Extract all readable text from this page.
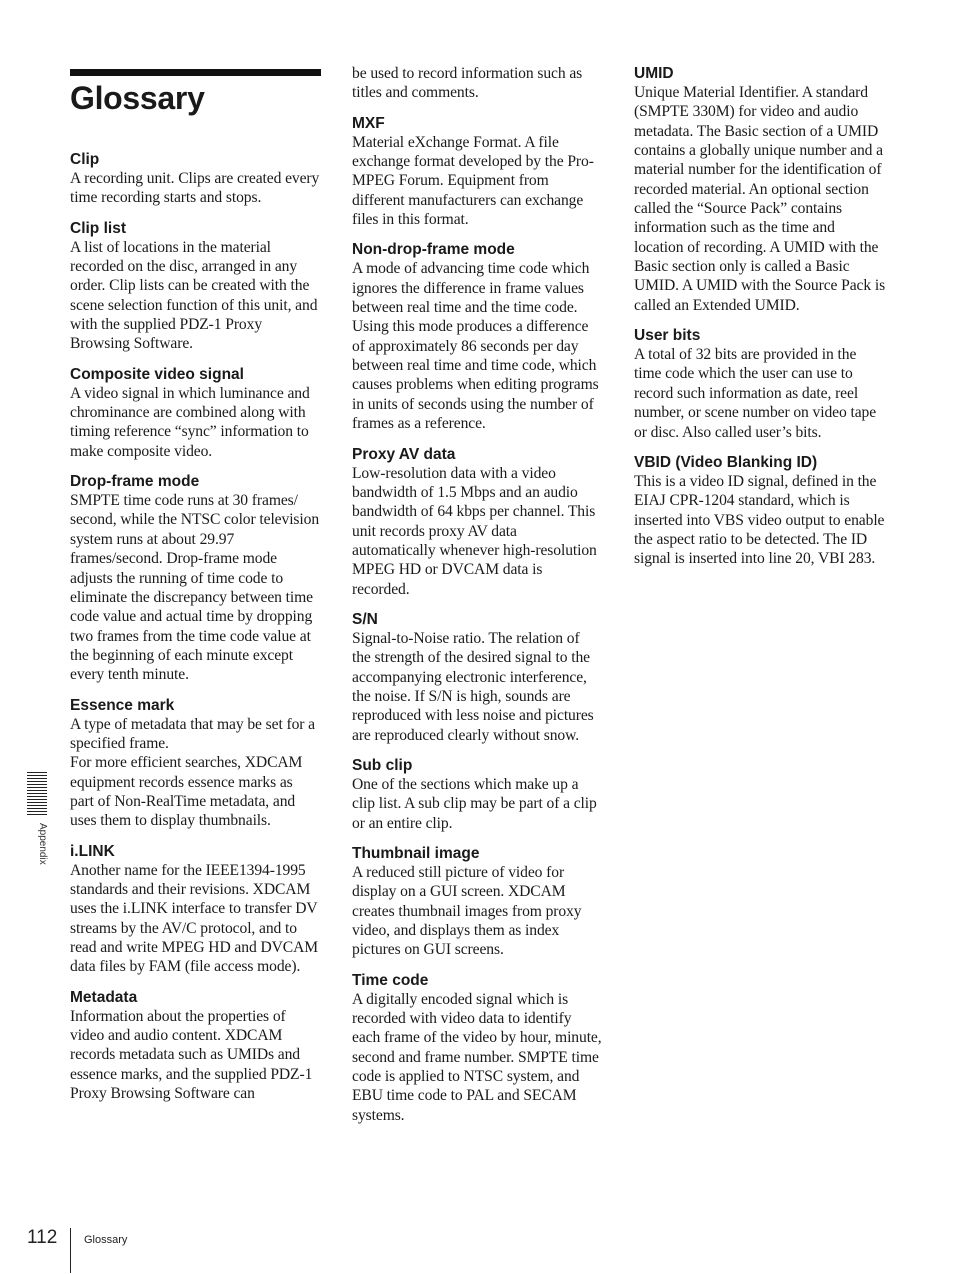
Glossary
Clip

A recording unit. Clips are created every time recording starts and stops.

Clip list

A list of locations in the material recorded on the disc, arranged in any order. Clip lists can be created with the scene selection function of this unit, and with the supplied PDZ-1 Proxy Browsing Software.

Composite video signal

A video signal in which luminance and chrominance are combined along with timing reference “sync” information to make composite video.

Drop-frame mode

SMPTE time code runs at 30 frames/ second, while the NTSC color television system runs at about 29.97 frames/second. Drop-frame mode adjusts the running of time code to eliminate the discrepancy between time code value and actual time by dropping two frames from the time code value at the beginning of each minute except every tenth minute.

Essence mark

A type of metadata that may be set for a specified frame.

For more efficient searches, XDCAM equipment records essence marks as part of Non-RealTime metadata, and uses them to display thumbnails.

i.LINK

Another name for the IEEE1394-1995 standards and their revisions. XDCAM uses the i.LINK interface to transfer DV streams by the AV/C protocol, and to read and write MPEG HD and DVCAM data files by FAM (file access mode).

Metadata

Information about the properties of video and audio content. XDCAM records metadata such as UMIDs and essence marks, and the supplied PDZ-1 Proxy Browsing Software can

be used to record information such as titles and comments.

MXF

Material eXchange Format. A file exchange format developed by the Pro-MPEG Forum. Equipment from different manufacturers can exchange files in this format.

Non-drop-frame mode

A mode of advancing time code which ignores the difference in frame values between real time and the time code. Using this mode produces a difference of approximately 86 seconds per day between real time and time code, which causes problems when editing programs in units of seconds using the number of frames as a reference.

Proxy AV data

Low-resolution data with a video bandwidth of 1.5 Mbps and an audio bandwidth of 64 kbps per channel. This unit records proxy AV data automatically whenever high-resolution MPEG HD or DVCAM data is recorded.

S/N

Signal-to-Noise ratio. The relation of the strength of the desired signal to the accompanying electronic interference, the noise. If S/N is high, sounds are reproduced with less noise and pictures are reproduced clearly without snow.

Sub clip

One of the sections which make up a clip list. A sub clip may be part of a clip or an entire clip.

Thumbnail image

A reduced still picture of video for display on a GUI screen. XDCAM creates thumbnail images from proxy video, and displays them as index pictures on GUI screens.

Time code

A digitally encoded signal which is recorded with video data to identify each frame of the video by hour, minute, second and frame number. SMPTE time code is applied to NTSC system, and EBU time code to PAL and SECAM systems.

UMID

Unique Material Identifier. A standard (SMPTE 330M) for video and audio metadata. The Basic section of a UMID contains a globally unique number and a material number for the identification of recorded material. An optional section called the “Source Pack” contains information such as the time and location of recording. A UMID with the Basic section only is called a Basic UMID. A UMID with the Source Pack is called an Extended UMID.

User bits

A total of 32 bits are provided in the time code which the user can use to record such information as date, reel number, or scene number on video tape or disc. Also called user’s bits.

VBID (Video Blanking ID)

This is a video ID signal, defined in the EIAJ CPR-1204 standard, which is inserted into VBS video output to enable the aspect ratio to be detected. The ID signal is inserted into line 20, VBI 283.

Appendix
112 Glossary
